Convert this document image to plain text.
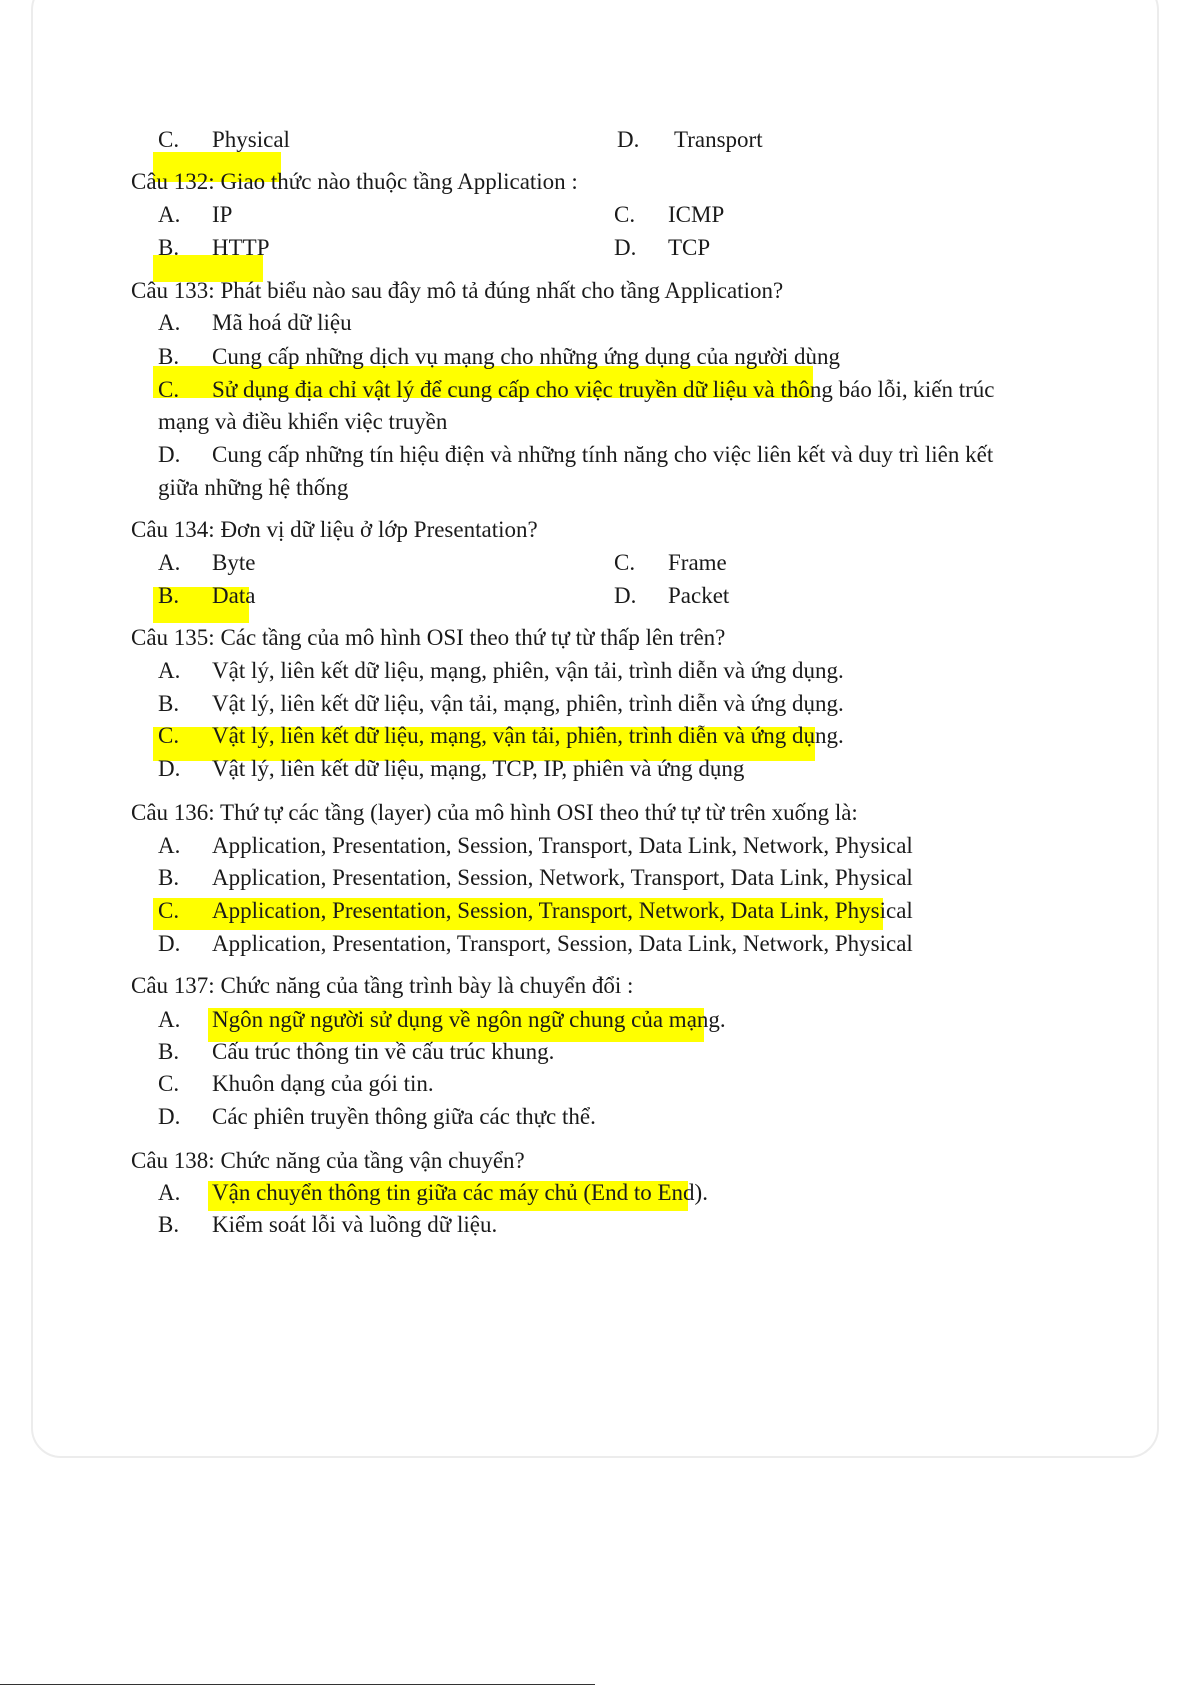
C. Physical	D. Transport
Câu 132: Giao thức nào thuộc tầng Application :
A. IP	C. ICMP
B. HTTP	D. TCP
Câu 133: Phát biểu nào sau đây mô tả đúng nhất cho tầng Application?
A. Mã hoá dữ liệu
B. Cung cấp những dịch vụ mạng cho những ứng dụng của người dùng
C. Sử dụng địa chỉ vật lý để cung cấp cho việc truyền dữ liệu và thông báo lỗi, kiến trúc
mạng và điều khiển việc truyền
D. Cung cấp những tín hiệu điện và những tính năng cho việc liên kết và duy trì liên kết
giữa những hệ thống
Câu 134: Đơn vị dữ liệu ở lớp Presentation?
A. Byte	C. Frame
B. Data	D. Packet
Câu 135: Các tầng của mô hình OSI theo thứ tự từ thấp lên trên?
A. Vật lý, liên kết dữ liệu, mạng, phiên, vận tải, trình diễn và ứng dụng.
B. Vật lý, liên kết dữ liệu, vận tải, mạng, phiên, trình diễn và ứng dụng.
C. Vật lý, liên kết dữ liệu, mạng, vận tải, phiên, trình diễn và ứng dụng.
D. Vật lý, liên kết dữ liệu, mạng, TCP, IP, phiên và ứng dụng
Câu 136: Thứ tự các tầng (layer) của mô hình OSI theo thứ tự từ trên xuống là:
A. Application, Presentation, Session, Transport, Data Link, Network, Physical
B. Application, Presentation, Session, Network, Transport, Data Link, Physical
C. Application, Presentation, Session, Transport, Network, Data Link, Physical
D. Application, Presentation, Transport, Session, Data Link, Network, Physical
Câu 137: Chức năng của tầng trình bày là chuyển đổi :
A. Ngôn ngữ người sử dụng về ngôn ngữ chung của mạng.
B. Cấu trúc thông tin về cấu trúc khung.
C. Khuôn dạng của gói tin.
D. Các phiên truyền thông giữa các thực thể.
Câu 138: Chức năng của tầng vận chuyển?
A. Vận chuyển thông tin giữa các máy chủ (End to End).
B. Kiểm soát lỗi và luồng dữ liệu.
